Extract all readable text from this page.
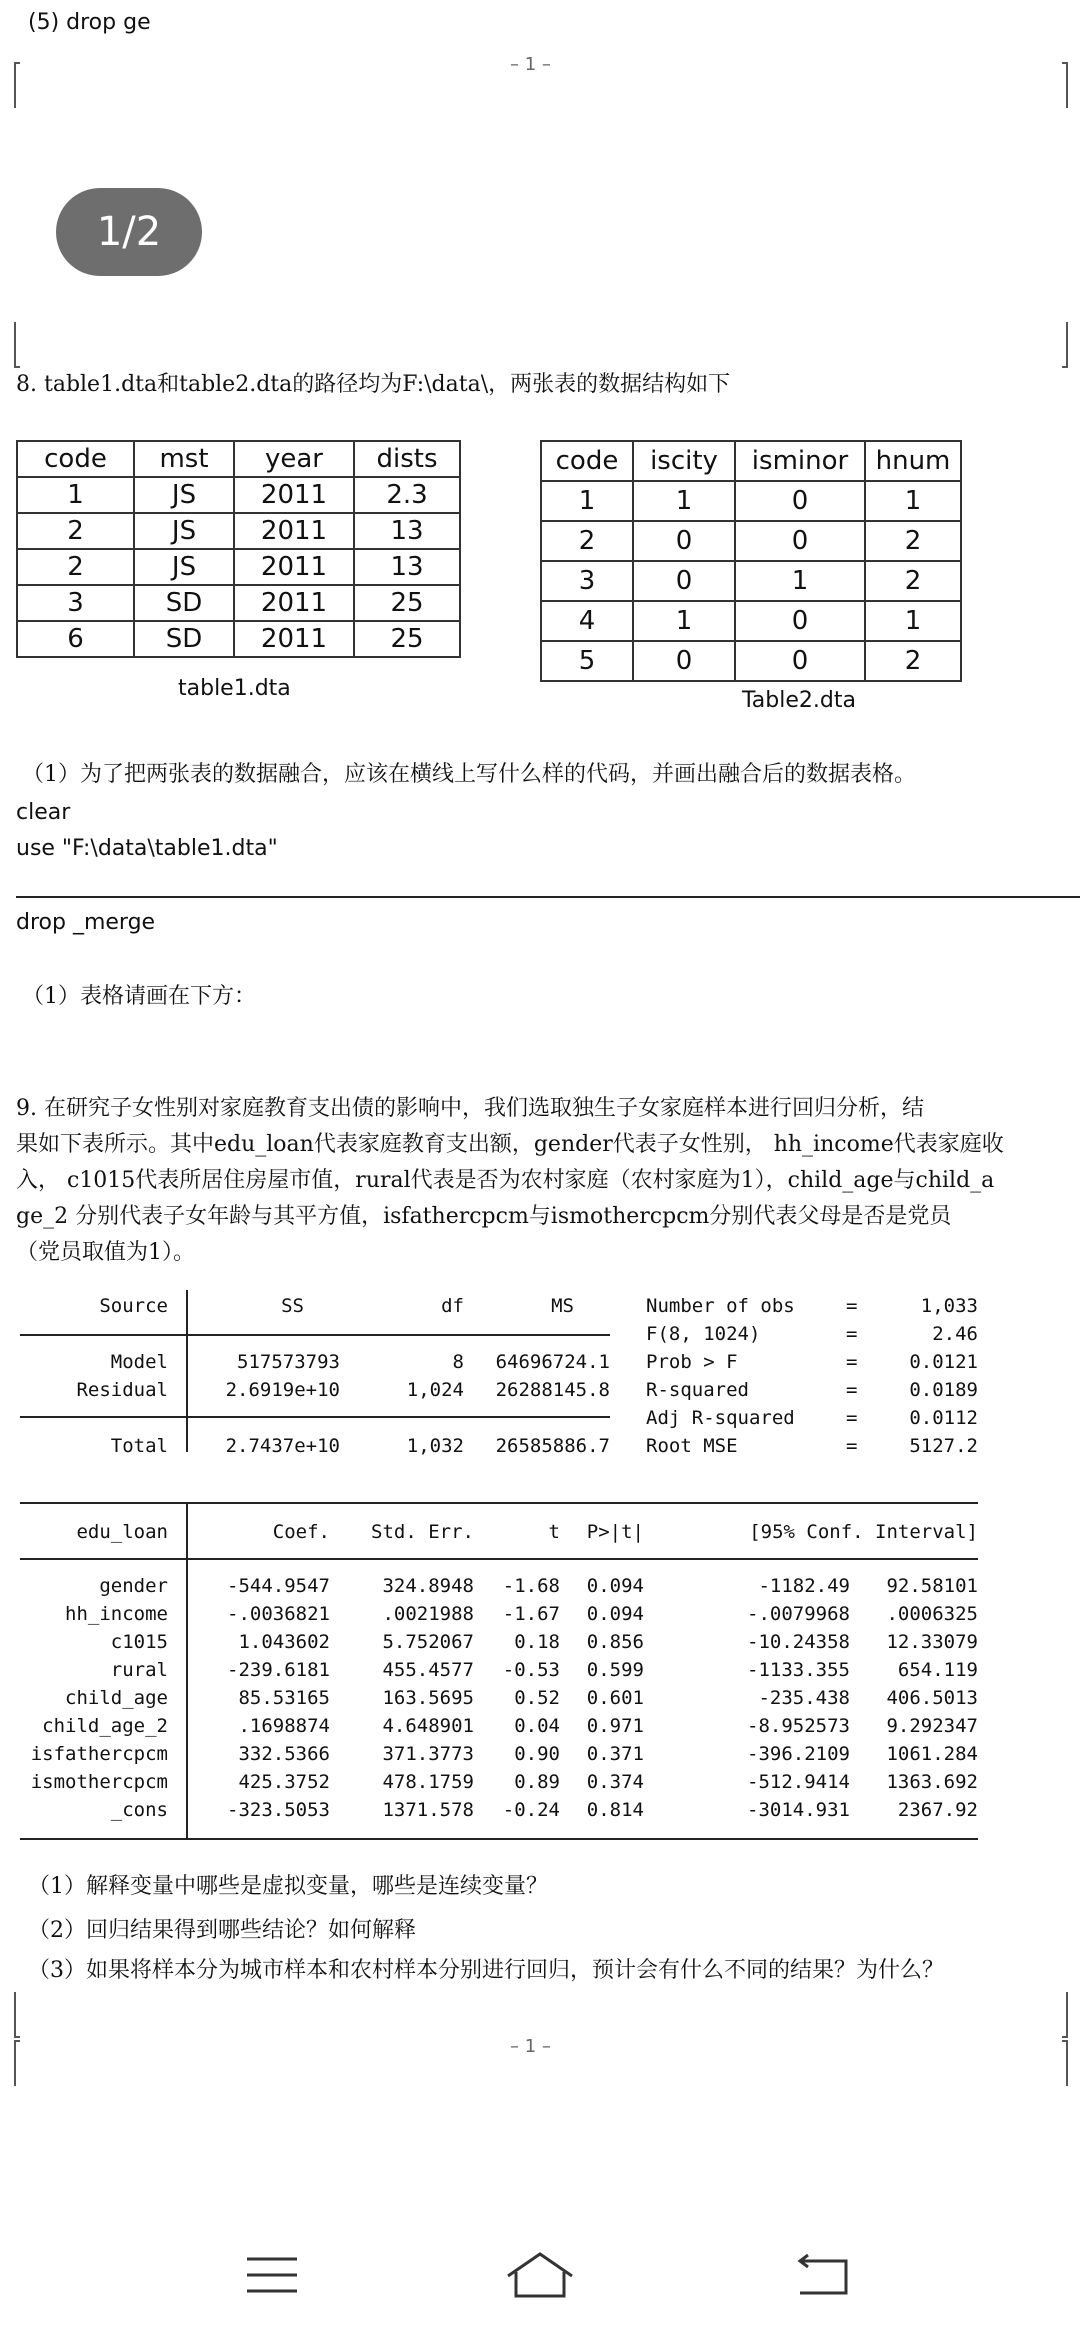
(5) drop ge
– 1 –
1/2
8. table1.dta和table2.dta的路径均为F:\data\，两张表的数据结构如下
code	mst	year	dists
1	JS	2011	2.3
2	JS	2011	13
2	JS	2011	13
3	SD	2011	25
6	SD	2011	25
table1.dta
code	iscity	isminor	hnum
1	1	0	1
2	0	0	2
3	0	1	2
4	1	0	1
5	0	0	2
Table2.dta
（1）为了把两张表的数据融合，应该在横线上写什么样的代码，并画出融合后的数据表格。
clear
use "F:\data\table1.dta"
drop _merge
（1）表格请画在下方：
9. 在研究子女性别对家庭教育支出债的影响中，我们选取独生子女家庭样本进行回归分析，结
果如下表所示。其中edu_loan代表家庭教育支出额，gender代表子女性别， hh_income代表家庭收
入， c1015代表所居住房屋市值，rural代表是否为农村家庭（农村家庭为1），child_age与child_a
ge_2 分别代表子女年龄与其平方值，isfathercpcm与ismothercpcm分别代表父母是否是党员
（党员取值为1）。
Source	SS	df	MS
Model	517573793	8 64696724.1
Residual	2.6919e+10	1,024 26288145.8
Total	2.7437e+10	1,032 26585886.7
Number of obs	=	1,033
F(8, 1024)	=	2.46
Prob > F	=	0.0121
R-squared	=	0.0189
Adj R-squared	=	0.0112
Root MSE	=	5127.2
edu_loan	Coef. Std. Err.	t P>|t|	[95% Conf. Interval]
gender	-544.9547	324.8948 -1.68 0.094	-1182.49 92.58101
hh_income	-.0036821	.0021988 -1.67 0.094	-.0079968 .0006325
c1015	1.043602	5.752067 0.18 0.856	-10.24358 12.33079
rural	-239.6181	455.4577 -0.53 0.599	-1133.355	654.119
child_age	85.53165	163.5695 0.52 0.601	-235.438 406.5013
child_age_2	.1698874	4.648901 0.04 0.971	-8.952573 9.292347
isfathercpcm	332.5366	371.3773 0.90 0.371	-396.2109 1061.284
ismothercpcm	425.3752	478.1759 0.89 0.374	-512.9414 1363.692
_cons	-323.5053	1371.578 -0.24 0.814	-3014.931	2367.92
（1）解释变量中哪些是虚拟变量，哪些是连续变量？
（2）回归结果得到哪些结论？如何解释
（3）如果将样本分为城市样本和农村样本分别进行回归，预计会有什么不同的结果？为什么？
– 1 –
